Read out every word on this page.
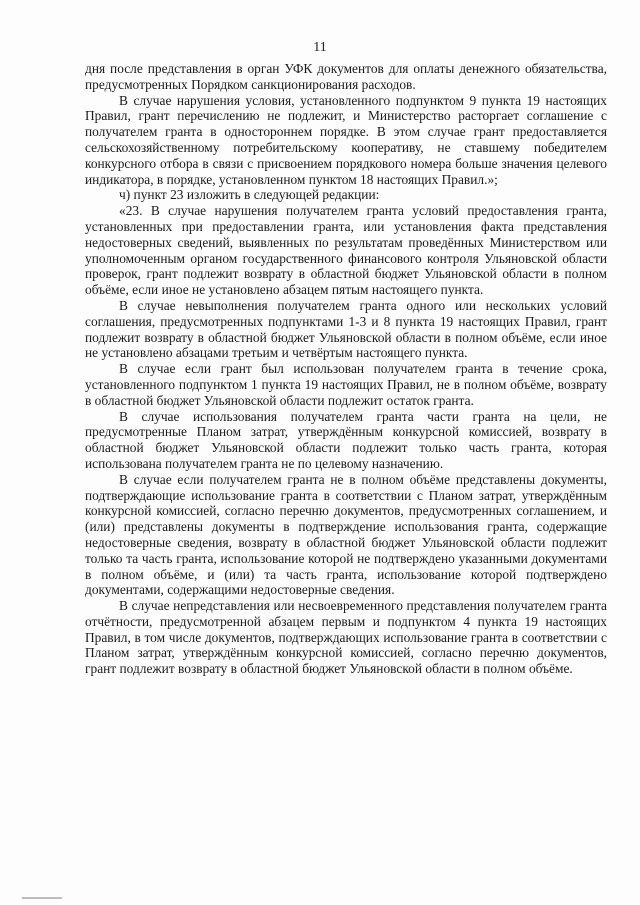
11

дня после представления в орган УФК документов для оплаты денежного обязательства, предусмотренных Порядком санкционирования расходов.

В случае нарушения условия, установленного подпунктом 9 пункта 19 настоящих Правил, грант перечислению не подлежит, и Министерство расторгает соглашение с получателем гранта в одностороннем порядке. В этом случае грант предоставляется сельскохозяйственному потребительскому кооперативу, не ставшему победителем конкурсного отбора в связи с присвоением порядкового номера больше значения целевого индикатора, в порядке, установленном пунктом 18 настоящих Правил.»;

ч) пункт 23 изложить в следующей редакции:

«23. В случае нарушения получателем гранта условий предоставления гранта, установленных при предоставлении гранта, или установления факта представления недостоверных сведений, выявленных по результатам проведённых Министерством или уполномоченным органом государственного финансового контроля Ульяновской области проверок, грант подлежит возврату в областной бюджет Ульяновской области в полном объёме, если иное не установлено абзацем пятым настоящего пункта.

В случае невыполнения получателем гранта одного или нескольких условий соглашения, предусмотренных подпунктами 1-3 и 8 пункта 19 настоящих Правил, грант подлежит возврату в областной бюджет Ульяновской области в полном объёме, если иное не установлено абзацами третьим и четвёртым настоящего пункта.

В случае если грант был использован получателем гранта в течение срока, установленного подпунктом 1 пункта 19 настоящих Правил, не в полном объёме, возврату в областной бюджет Ульяновской области подлежит остаток гранта.

В случае использования получателем гранта части гранта на цели, не предусмотренные Планом затрат, утверждённым конкурсной комиссией, возврату в областной бюджет Ульяновской области подлежит только часть гранта, которая использована получателем гранта не по целевому назначению.

В случае если получателем гранта не в полном объёме представлены документы, подтверждающие использование гранта в соответствии с Планом затрат, утверждённым конкурсной комиссией, согласно перечню документов, предусмотренных соглашением, и (или) представлены документы в подтверждение использования гранта, содержащие недостоверные сведения, возврату в областной бюджет Ульяновской области подлежит только та часть гранта, использование которой не подтверждено указанными документами в полном объёме, и (или) та часть гранта, использование которой подтверждено документами, содержащими недостоверные сведения.

В случае непредставления или несвоевременного представления получателем гранта отчётности, предусмотренной абзацем первым и подпунктом 4 пункта 19 настоящих Правил, в том числе документов, подтверждающих использование гранта в соответствии с Планом затрат, утверждённым конкурсной комиссией, согласно перечню документов, грант подлежит возврату в областной бюджет Ульяновской области в полном объёме.
